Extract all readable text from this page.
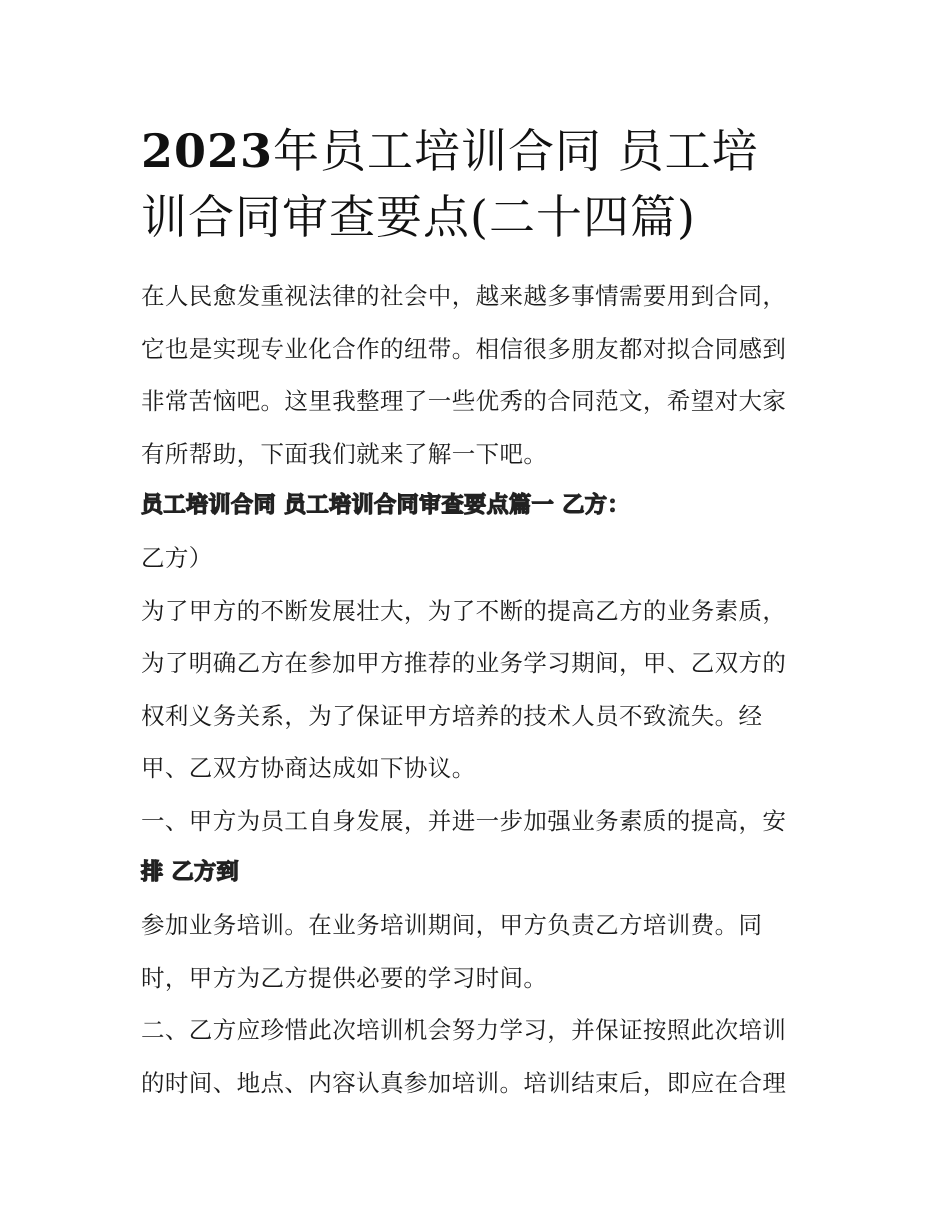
2023年员工培训合同 员工培
训合同审查要点(二十四篇)

在人民愈发重视法律的社会中，越来越多事情需要用到合同，

它也是实现专业化合作的纽带。相信很多朋友都对拟合同感到

非常苦恼吧。这里我整理了一些优秀的合同范文，希望对大家

有所帮助，下面我们就来了解一下吧。

员工培训合同 员工培训合同审查要点篇一 乙方：

乙方）

为了甲方的不断发展壮大，为了不断的提高乙方的业务素质，

为了明确乙方在参加甲方推荐的业务学习期间，甲、乙双方的

权利义务关系，为了保证甲方培养的技术人员不致流失。经

甲、乙双方协商达成如下协议。

一、甲方为员工自身发展，并进一步加强业务素质的提高，安

排 乙方到

参加业务培训。在业务培训期间，甲方负责乙方培训费。同

时，甲方为乙方提供必要的学习时间。

二、乙方应珍惜此次培训机会努力学习，并保证按照此次培训

的时间、地点、内容认真参加培训。培训结束后，即应在合理
